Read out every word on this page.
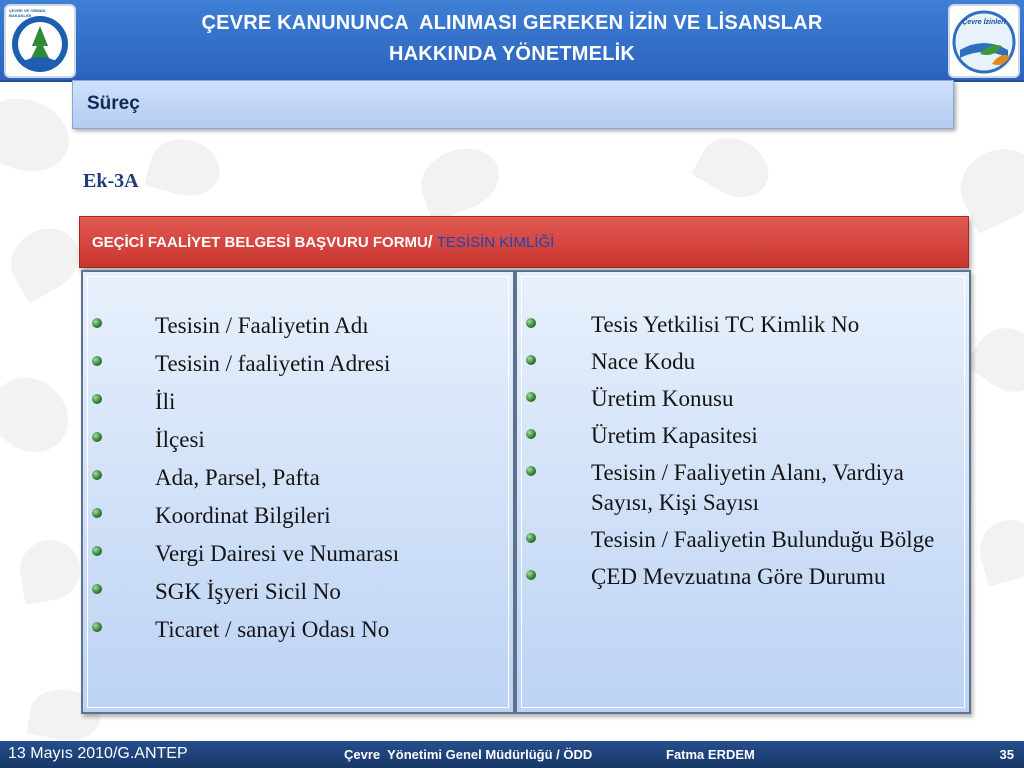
ÇEVRE VE ORMAN BAKANLIĞI	ÇEVRE KANUNUNCA  ALINMASI GEREKEN İZİN VE LİSANSLAR
HAKKINDA YÖNETMELİK
Çevre İzinleri
Süreç
Ek-3A
GEÇİCİ FAALİYET BELGESİ BAŞVURU FORMU/ TESİSİN KİMLİĞİ
Tesisin / Faaliyetin Adı
Tesisin / faaliyetin Adresi
İli
İlçesi
Ada, Parsel, Pafta
Koordinat Bilgileri
Vergi Dairesi ve Numarası
SGK İşyeri Sicil No
Ticaret / sanayi Odası No
Tesis Yetkilisi TC Kimlik No
Nace Kodu
Üretim Konusu
Üretim Kapasitesi
Tesisin / Faaliyetin Alanı, Vardiya Sayısı, Kişi Sayısı
Tesisin / Faaliyetin Bulunduğu Bölge
ÇED Mevzuatına Göre Durumu
13 Mayıs 2010/G.ANTEP	Çevre  Yönetimi Genel Müdürlüğü / ÖDD	Fatma ERDEM	35
